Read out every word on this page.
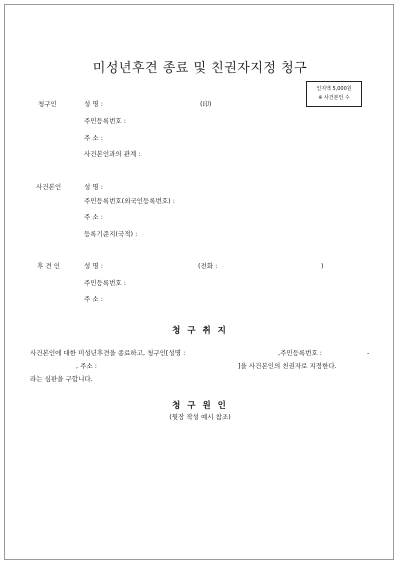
인지액 5,000원
※ 사건본인 수
미성년후견 종료 및 친권자지정 청구
청구인	성 명 :	(印)
주민등록번호 :
주 소 :
사건본인과의 관계 :
사건본인	성 명 :
주민등록번호(외국인등록번호) :
주 소 :
등록기준지(국적) :
후 견 인	성 명 :	(전화 :	)
주민등록번호 :
주 소 :
청 구 취 지
사건본인에 대한 미성년후견을 종료하고, 청구인[성명 :	,주민등록번호 :	-
, 주소 :	]을 사건본인의 친권자로 지정한다.
라는 심판을 구합니다.
청 구 원 인
(뒷장 작성 예시 참조)
